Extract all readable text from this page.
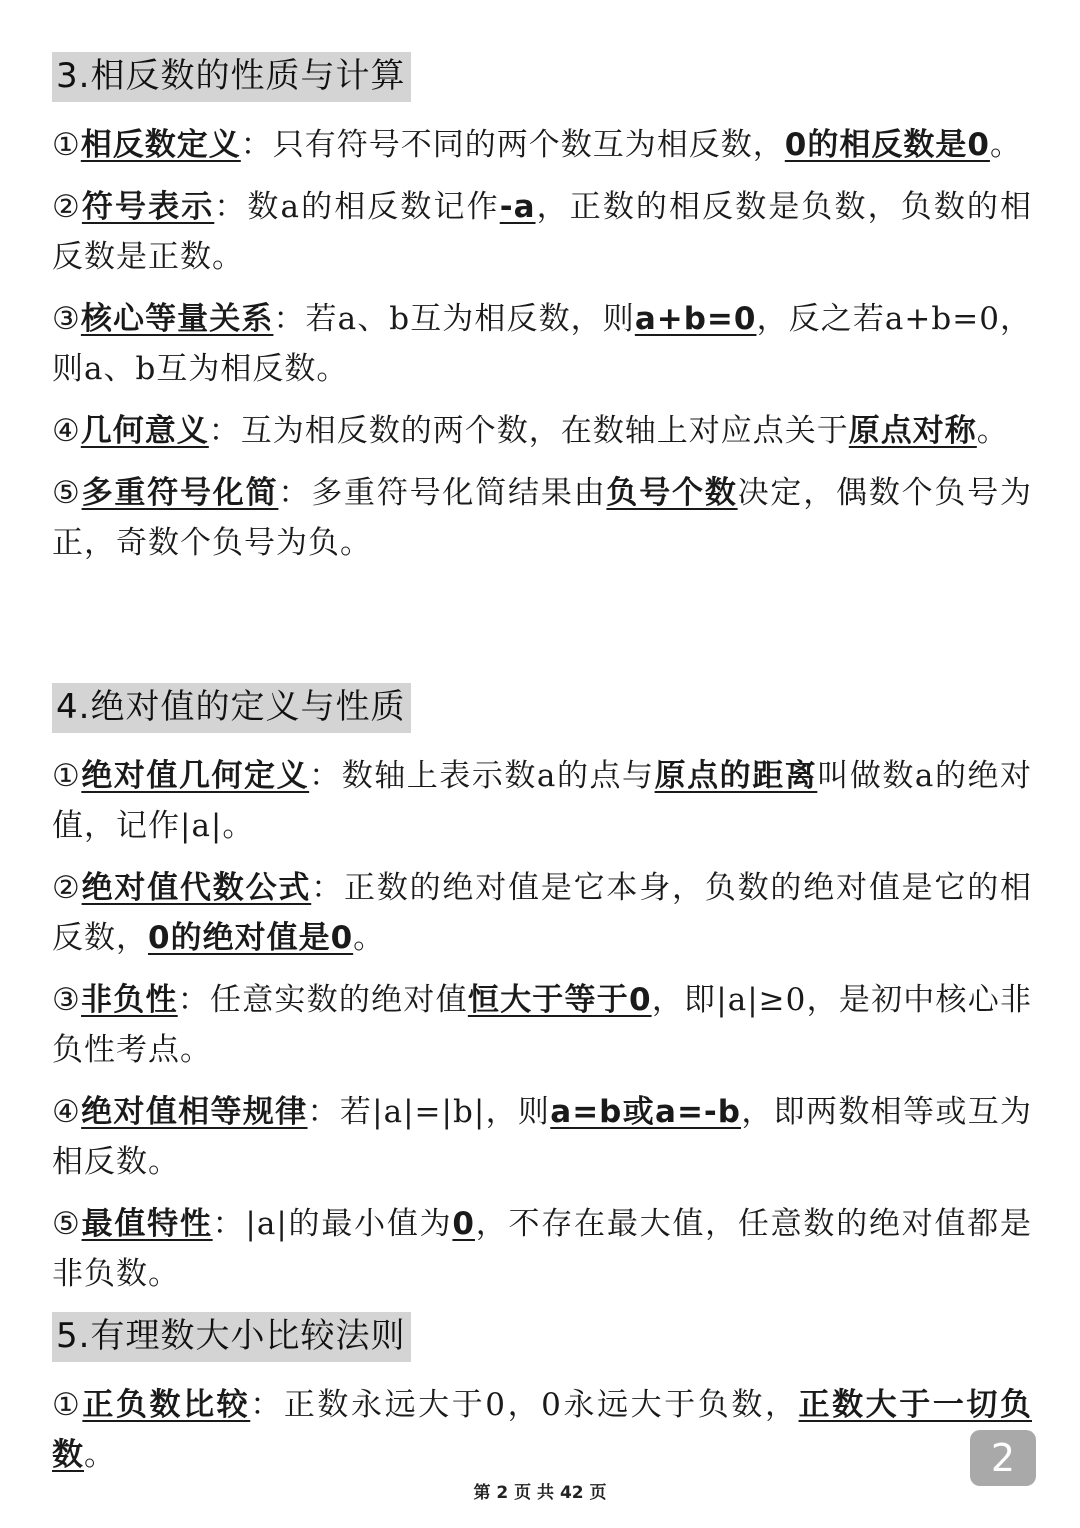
3.相反数的性质与计算
①相反数定义：只有符号不同的两个数互为相反数，0的相反数是0。
②符号表示：数a的相反数记作-a，正数的相反数是负数，负数的相反数是正数。
③核心等量关系：若a、b互为相反数，则a+b=0，反之若a+b=0，则a、b互为相反数。
④几何意义：互为相反数的两个数，在数轴上对应点关于原点对称。
⑤多重符号化简：多重符号化简结果由负号个数决定，偶数个负号为正，奇数个负号为负。
4.绝对值的定义与性质
①绝对值几何定义：数轴上表示数a的点与原点的距离叫做数a的绝对值，记作|a|。
②绝对值代数公式：正数的绝对值是它本身，负数的绝对值是它的相反数，0的绝对值是0。
③非负性：任意实数的绝对值恒大于等于0，即|a|≥0，是初中核心非负性考点。
④绝对值相等规律：若|a|=|b|，则a=b或a=-b，即两数相等或互为相反数。
⑤最值特性：|a|的最小值为0，不存在最大值，任意数的绝对值都是非负数。
5.有理数大小比较法则
①正负数比较：正数永远大于0，0永远大于负数，正数大于一切负数。	2
第 2 页 共 42 页
